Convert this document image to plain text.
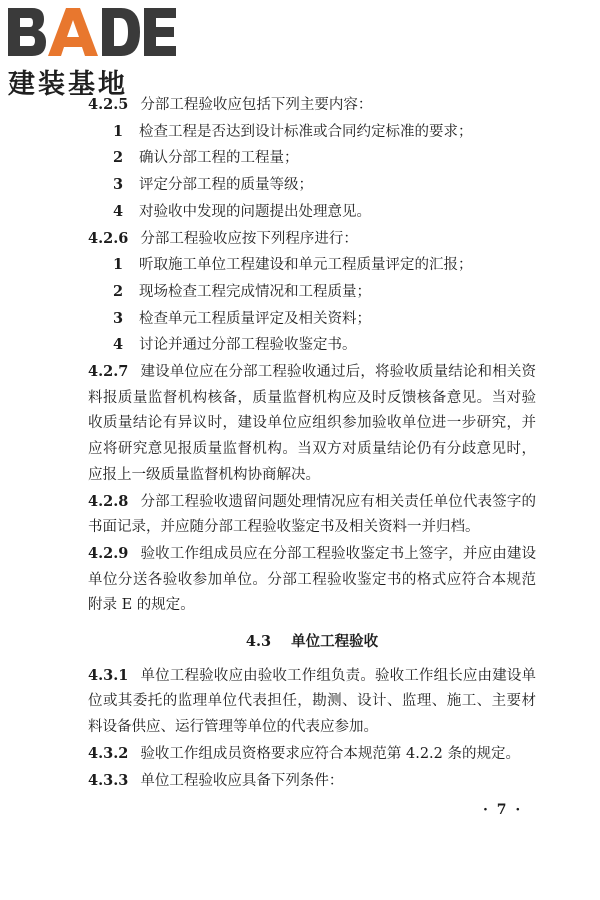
建装基地

4.2.5 分部工程验收应包括下列主要内容：

1 检查工程是否达到设计标准或合同约定标准的要求；

2 确认分部工程的工程量；

3 评定分部工程的质量等级；

4 对验收中发现的问题提出处理意见。

4.2.6 分部工程验收应按下列程序进行：

1 听取施工单位工程建设和单元工程质量评定的汇报；

2 现场检查工程完成情况和工程质量；

3 检查单元工程质量评定及相关资料；

4 讨论并通过分部工程验收鉴定书。

4.2.7 建设单位应在分部工程验收通过后，将验收质量结论和相关资料报质量监督机构核备，质量监督机构应及时反馈核备意见。当对验收质量结论有异议时，建设单位应组织参加验收单位进一步研究，并应将研究意见报质量监督机构。当双方对质量结论仍有分歧意见时，应报上一级质量监督机构协商解决。

4.2.8 分部工程验收遗留问题处理情况应有相关责任单位代表签字的书面记录，并应随分部工程验收鉴定书及相关资料一并归档。

4.2.9 验收工作组成员应在分部工程验收鉴定书上签字，并应由建设单位分送各验收参加单位。分部工程验收鉴定书的格式应符合本规范附录 E 的规定。

4.3 单位工程验收

4.3.1 单位工程验收应由验收工作组负责。验收工作组长应由建设单位或其委托的监理单位代表担任，勘测、设计、监理、施工、主要材料设备供应、运行管理等单位的代表应参加。

4.3.2 验收工作组成员资格要求应符合本规范第 4.2.2 条的规定。

4.3.3 单位工程验收应具备下列条件：

· 7 ·
